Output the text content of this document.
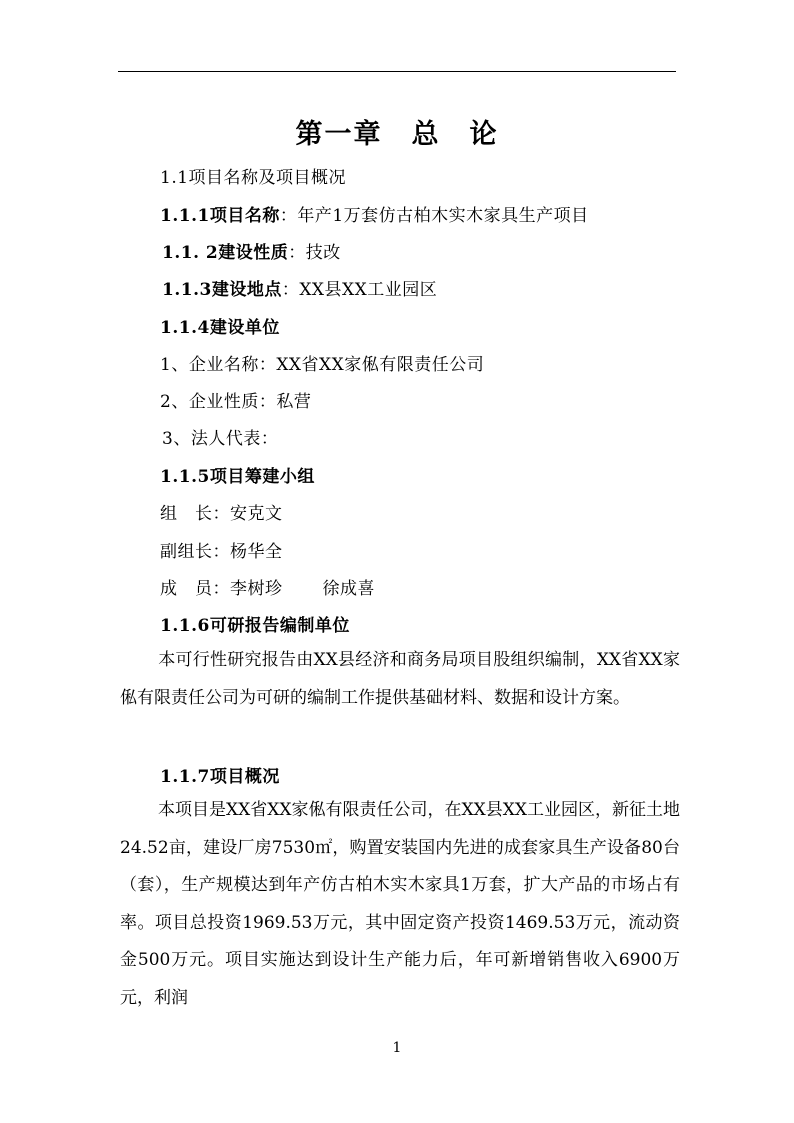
第一章　总　论
1.1项目名称及项目概况
1.1.1项目名称：年产1万套仿古柏木实木家具生产项目
1.1. 2建设性质：技改
1.1.3建设地点：XX县XX工业园区
1.1.4建设单位
1、企业名称：XX省XX家俬有限责任公司
2、企业性质：私营
3、法人代表：
1.1.5项目筹建小组
组　长：安克文
副组长：杨华全
成　员：李树珍 徐成喜
1.1.6可研报告编制单位
本可行性研究报告由XX县经济和商务局项目股组织编制，XX省XX家俬有限责任公司为可研的编制工作提供基础材料、数据和设计方案。
1.1.7项目概况
本项目是XX省XX家俬有限责任公司，在XX县XX工业园区，新征土地24.52亩，建设厂房7530㎡，购置安装国内先进的成套家具生产设备80台（套），生产规模达到年产仿古柏木实木家具1万套，扩大产品的市场占有率。项目总投资1969.53万元，其中固定资产投资1469.53万元，流动资金500万元。项目实施达到设计生产能力后，年可新增销售收入6900万元，利润
1
